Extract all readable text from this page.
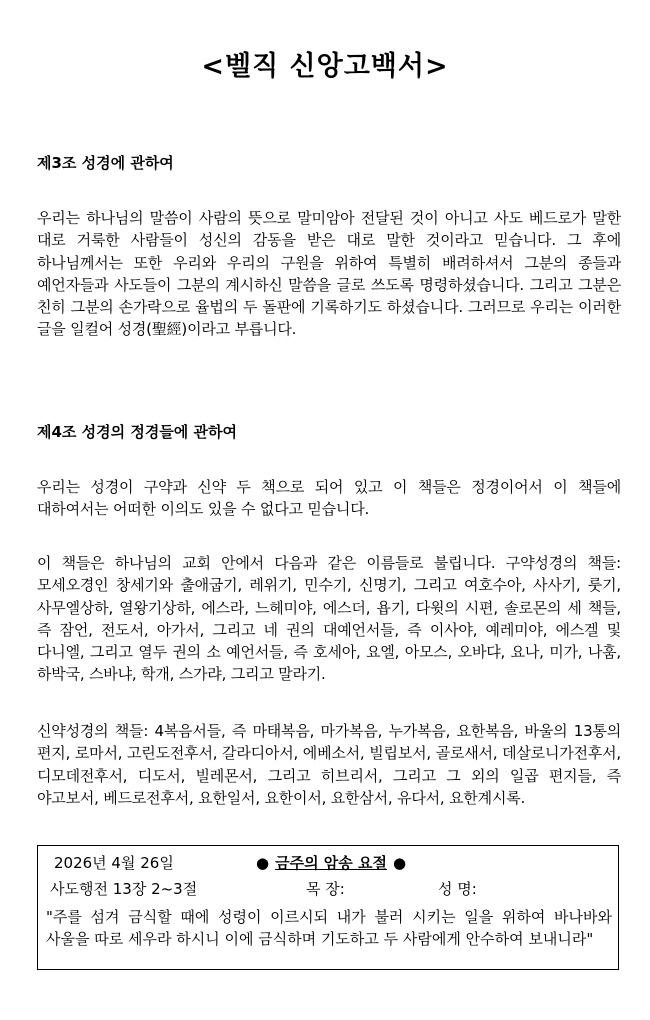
<벨직 신앙고백서>
제3조 성경에 관하여
우리는 하나님의 말씀이 사람의 뜻으로 말미암아 전달된 것이 아니고 사도 베드로가 말한 대로 거룩한 사람들이 성신의 감동을 받은 대로 말한 것이라고 믿습니다. 그 후에 하나님께서는 또한 우리와 우리의 구원을 위하여 특별히 배려하셔서 그분의 종들과 예언자들과 사도들이 그분의 계시하신 말씀을 글로 쓰도록 명령하셨습니다. 그리고 그분은 친히 그분의 손가락으로 율법의 두 돌판에 기록하기도 하셨습니다. 그러므로 우리는 이러한 글을 일컬어 성경(聖經)이라고 부릅니다.
제4조 성경의 정경들에 관하여
우리는 성경이 구약과 신약 두 책으로 되어 있고 이 책들은 정경이어서 이 책들에 대하여서는 어떠한 이의도 있을 수 없다고 믿습니다.
이 책들은 하나님의 교회 안에서 다음과 같은 이름들로 불립니다. 구약성경의 책들: 모세오경인 창세기와 출애굽기, 레위기, 민수기, 신명기, 그리고 여호수아, 사사기, 룻기, 사무엘상하, 열왕기상하, 에스라, 느헤미야, 에스더, 욥기, 다윗의 시편, 솔로몬의 세 책들, 즉 잠언, 전도서, 아가서, 그리고 네 권의 대예언서들, 즉 이사야, 예레미야, 에스겔 및 다니엘, 그리고 열두 권의 소 예언서들, 즉 호세아, 요엘, 아모스, 오바댜, 요나, 미가, 나훔, 하박국, 스바냐, 학개, 스가랴, 그리고 말라기.
신약성경의 책들: 4복음서들, 즉 마태복음, 마가복음, 누가복음, 요한복음, 바울의 13통의 편지, 로마서, 고린도전후서, 갈라디아서, 에베소서, 빌립보서, 골로새서, 데살로니가전후서, 디모데전후서, 디도서, 빌레몬서, 그리고 히브리서, 그리고 그 외의 일곱 편지들, 즉 야고보서, 베드로전후서, 요한일서, 요한이서, 요한삼서, 유다서, 요한계시록.
2026년 4월 26일	● 금주의 암송 요절 ●
사도행전 13장 2~3절	목 장:	성 명:
"주를 섬겨 금식할 때에 성령이 이르시되 내가 불러 시키는 일을 위하여 바나바와 사울을 따로 세우라 하시니 이에 금식하며 기도하고 두 사람에게 안수하여 보내니라"
